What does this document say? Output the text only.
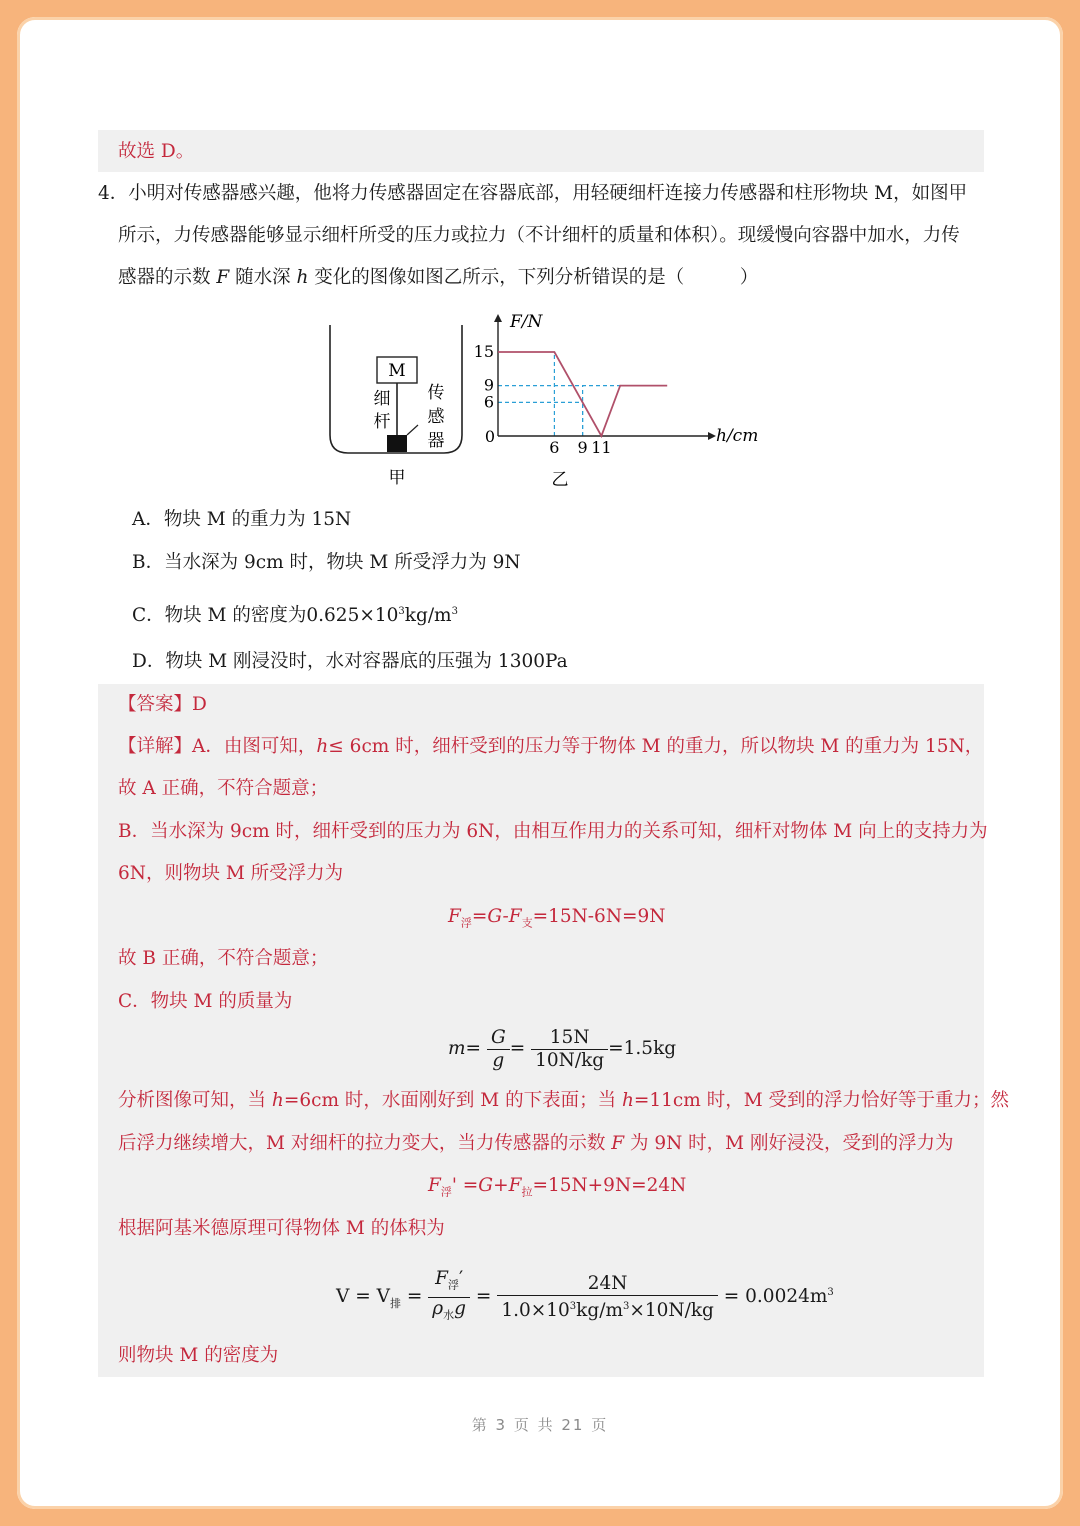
故选 D。
4．小明对传感器感兴趣，他将力传感器固定在容器底部，用轻硬细杆连接力传感器和柱形物块 M，如图甲
所示，力传感器能够显示细杆所受的压力或拉力（不计细杆的质量和体积）。现缓慢向容器中加水，力传
感器的示数 F 随水深 h 变化的图像如图乙所示，下列分析错误的是（　　　）
M
细
杆
传
感
器
甲
F/N
h/cm
0
15
9
6
6 9 11
乙
A．物块 M 的重力为 15N
B．当水深为 9cm 时，物块 M 所受浮力为 9N
C．物块 M 的密度为$0.625\times 10^3kg/m^3$
D．物块 M 刚浸没时，水对容器底的压强为 1300Pa
【答案】D
【详解】A．由图可知，h≤ 6cm 时，细杆受到的压力等于物体 M 的重力，所以物块 M 的重力为 15N，
故 A 正确，不符合题意；
B．当水深为 9cm 时，细杆受到的压力为 6N，由相互作用力的关系可知，细杆对物体 M 向上的支持力为
6N，则物块 M 所受浮力为
$F_浮=G-F_支=15N-6N=9N$
故 B 正确，不符合题意；
C．物块 M 的质量为
$m= \frac{G}{g} = \frac{15N}{10N/kg} =1.5kg$
分析图像可知，当 h=6cm 时，水面刚好到 M 的下表面；当 h=11cm 时，M 受到的浮力恰好等于重力；然
后浮力继续增大，M 对细杆的拉力变大，当力传感器的示数 F 为 9N 时，M 刚好浸没，受到的浮力为
$F_浮' =G+F_拉=15N+9N=24N$
根据阿基米德原理可得物体 M 的体积为
$V = V_排 = \frac{F_浮'}{\rho_水g} = \frac{24N}{1.0\times 10^3kg/m^3\times 10N/kg} = 0.0024m^3$
则物块 M 的密度为
第 3 页 共 21 页
